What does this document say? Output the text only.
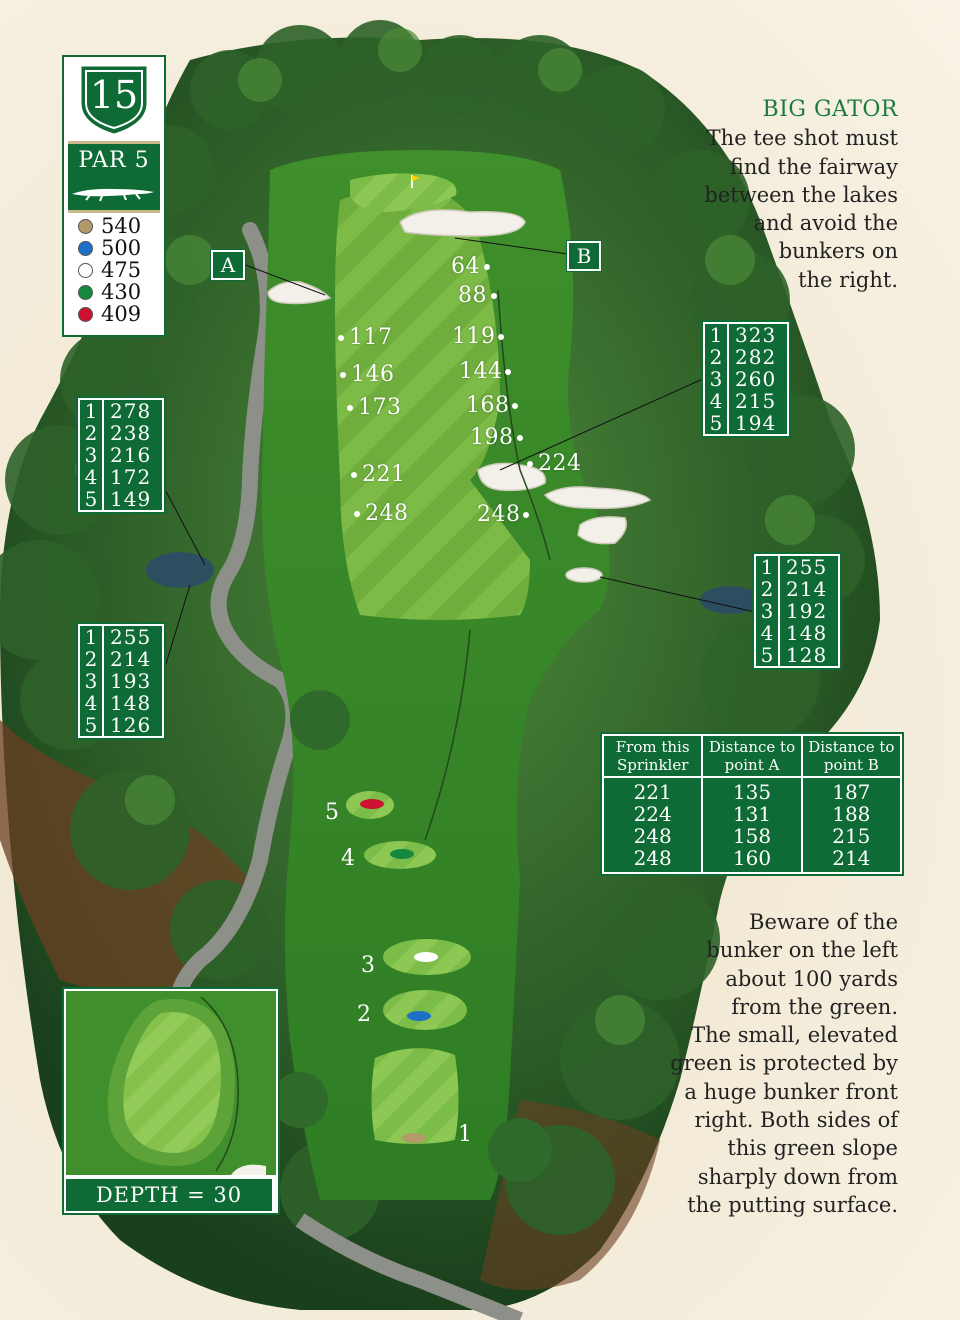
15
PAR 5
540
500
475
430
409
BIG GATOR
The tee shot must
find the fairway
between the lakes
and avoid the
bunkers on
the right.
Beware of the
bunker on the left
about 100 yards
from the green.
The small, elevated
green is protected by
a huge bunker front
right. Both sides of
this green slope
sharply down from
the putting surface.
A	B
1 278
2 238
3 216
4 172
5 149
1 255
2 214
3 193
4 148
5 126
1 323
2 282
3 260
4 215
5 194
1 255
2 214
3 192
4 148
5 128
117
146
173
221
248
64
88
119
144
168
198
224
248
5
4
3
2
1
From this Sprinkler
Distance to point A
Distance to point B
221
224
248
248
135
131
158
160
187
188
215
214
DEPTH = 30
